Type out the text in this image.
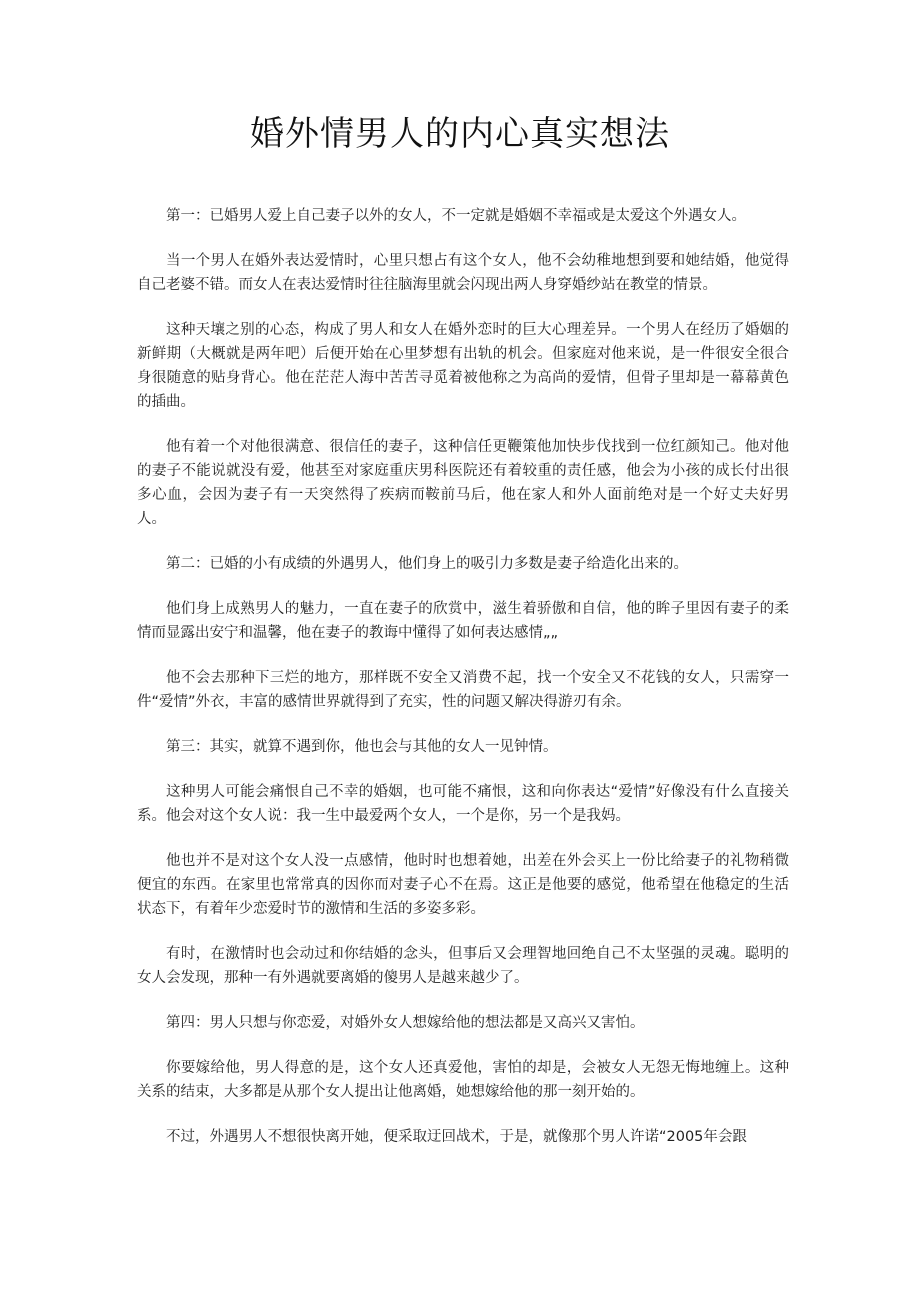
婚外情男人的内心真实想法

第一：已婚男人爱上自己妻子以外的女人，不一定就是婚姻不幸福或是太爱这个外遇女人。

当一个男人在婚外表达爱情时，心里只想占有这个女人，他不会幼稚地想到要和她结婚，他觉得自己老婆不错。而女人在表达爱情时往往脑海里就会闪现出两人身穿婚纱站在教堂的情景。

这种天壤之别的心态，构成了男人和女人在婚外恋时的巨大心理差异。一个男人在经历了婚姻的新鲜期（大概就是两年吧）后便开始在心里梦想有出轨的机会。但家庭对他来说，是一件很安全很合身很随意的贴身背心。他在茫茫人海中苦苦寻觅着被他称之为高尚的爱情，但骨子里却是一幕幕黄色的插曲。

他有着一个对他很满意、很信任的妻子，这种信任更鞭策他加快步伐找到一位红颜知己。他对他的妻子不能说就没有爱，他甚至对家庭重庆男科医院还有着较重的责任感，他会为小孩的成长付出很多心血，会因为妻子有一天突然得了疾病而鞍前马后，他在家人和外人面前绝对是一个好丈夫好男人。

第二：已婚的小有成绩的外遇男人，他们身上的吸引力多数是妻子给造化出来的。

他们身上成熟男人的魅力，一直在妻子的欣赏中，滋生着骄傲和自信，他的眸子里因有妻子的柔情而显露出安宁和温馨，他在妻子的教诲中懂得了如何表达感情„„

他不会去那种下三烂的地方，那样既不安全又消费不起，找一个安全又不花钱的女人，只需穿一件“爱情”外衣，丰富的感情世界就得到了充实，性的问题又解决得游刃有余。

第三：其实，就算不遇到你，他也会与其他的女人一见钟情。

这种男人可能会痛恨自己不幸的婚姻，也可能不痛恨，这和向你表达“爱情”好像没有什么直接关系。他会对这个女人说：我一生中最爱两个女人，一个是你，另一个是我妈。

他也并不是对这个女人没一点感情，他时时也想着她，出差在外会买上一份比给妻子的礼物稍微便宜的东西。在家里也常常真的因你而对妻子心不在焉。这正是他要的感觉，他希望在他稳定的生活状态下，有着年少恋爱时节的激情和生活的多姿多彩。

有时，在激情时也会动过和你结婚的念头，但事后又会理智地回绝自己不太坚强的灵魂。聪明的女人会发现，那种一有外遇就要离婚的傻男人是越来越少了。

第四：男人只想与你恋爱，对婚外女人想嫁给他的想法都是又高兴又害怕。

你要嫁给他，男人得意的是，这个女人还真爱他，害怕的却是，会被女人无怨无悔地缠上。这种关系的结束，大多都是从那个女人提出让他离婚，她想嫁给他的那一刻开始的。

不过，外遇男人不想很快离开她，便采取迂回战术，于是，就像那个男人许诺“2005年会跟
